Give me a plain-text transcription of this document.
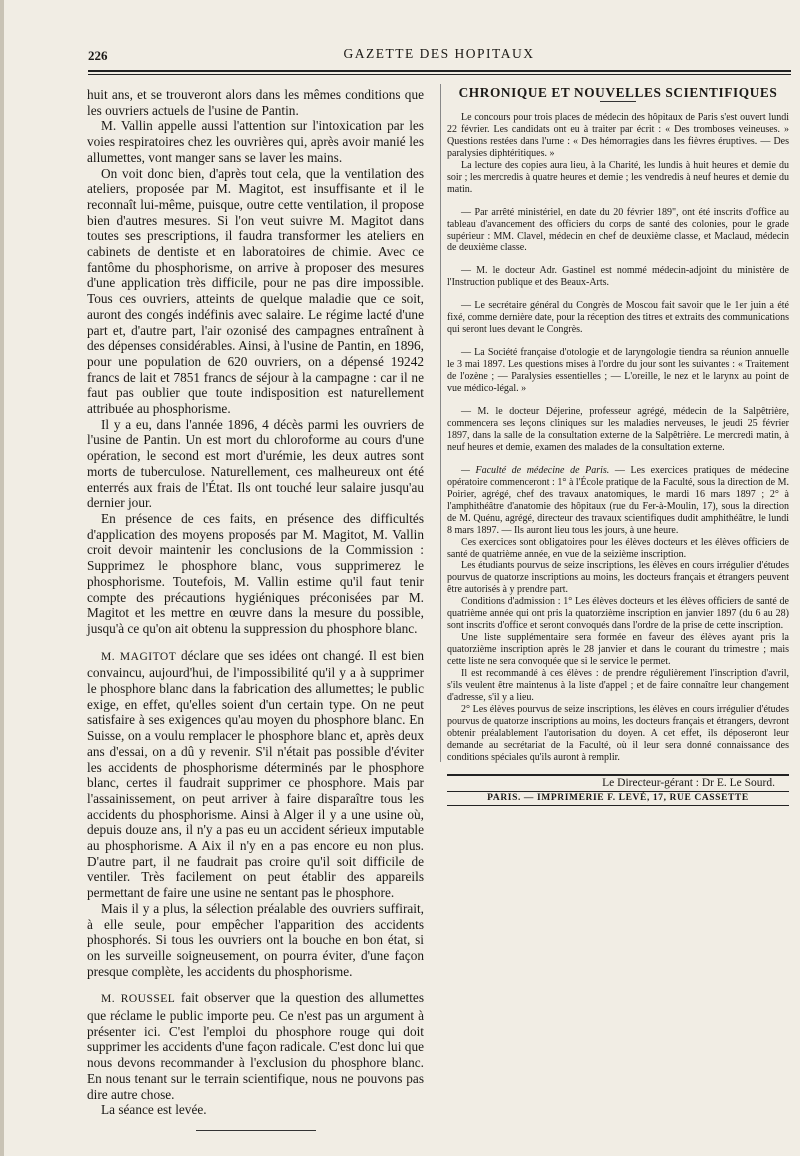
226	GAZETTE DES HOPITAUX

huit ans, et se trouveront alors dans les mêmes conditions que les ouvriers actuels de l'usine de Pantin.

M. Vallin appelle aussi l'attention sur l'intoxication par les voies respiratoires chez les ouvrières qui, après avoir manié les allumettes, vont manger sans se laver les mains.

On voit donc bien, d'après tout cela, que la ventilation des ateliers, proposée par M. Magitot, est insuffisante et il le reconnaît lui-même, puisque, outre cette ventilation, il propose bien d'autres mesures. Si l'on veut suivre M. Magitot dans toutes ses prescriptions, il faudra transformer les ateliers en cabinets de dentiste et en laboratoires de chimie. Avec ce fantôme du phosphorisme, on arrive à proposer des mesures d'une application très difficile, pour ne pas dire impossible. Tous ces ouvriers, atteints de quelque maladie que ce soit, auront des congés indéfinis avec salaire. Le régime lacté d'une part et, d'autre part, l'air ozonisé des campagnes entraînent à des dépenses considérables. Ainsi, à l'usine de Pantin, en 1896, pour une population de 620 ouvriers, on a dépensé 19242 francs de lait et 7851 francs de séjour à la campagne : car il ne faut pas oublier que toute indisposition est naturellement attribuée au phosphorisme.

Il y a eu, dans l'année 1896, 4 décès parmi les ouvriers de l'usine de Pantin. Un est mort du chloroforme au cours d'une opération, le second est mort d'urémie, les deux autres sont morts de tuberculose. Naturellement, ces malheureux ont été enterrés aux frais de l'État. Ils ont touché leur salaire jusqu'au dernier jour.

En présence de ces faits, en présence des difficultés d'application des moyens proposés par M. Magitot, M. Vallin croit devoir maintenir les conclusions de la Commission : Supprimez le phosphore blanc, vous supprimerez le phosphorisme. Toutefois, M. Vallin estime qu'il faut tenir compte des précautions hygiéniques préconisées par M. Magitot et les mettre en œuvre dans la mesure du possible, jusqu'à ce qu'on ait obtenu la suppression du phosphore blanc.

M. MAGITOT déclare que ses idées ont changé. Il est bien convaincu, aujourd'hui, de l'impossibilité qu'il y a à supprimer le phosphore blanc dans la fabrication des allumettes; le public exige, en effet, qu'elles soient d'un certain type. On ne peut satisfaire à ses exigences qu'au moyen du phosphore blanc. En Suisse, on a voulu remplacer le phosphore blanc et, après deux ans d'essai, on a dû y revenir. S'il n'était pas possible d'éviter les accidents de phosphorisme déterminés par le phosphore blanc, certes il faudrait supprimer ce phosphore. Mais par l'assainissement, on peut arriver à faire disparaître tous les accidents du phosphorisme. Ainsi à Alger il y a une usine où, depuis douze ans, il n'y a pas eu un accident sérieux imputable au phosphorisme. A Aix il n'y en a pas encore eu non plus. D'autre part, il ne faudrait pas croire qu'il soit difficile de ventiler. Très facilement on peut établir des appareils permettant de faire une usine ne sentant pas le phosphore.

Mais il y a plus, la sélection préalable des ouvriers suffirait, à elle seule, pour empêcher l'apparition des accidents phosphorés. Si tous les ouvriers ont la bouche en bon état, si on les surveille soigneusement, on pourra éviter, d'une façon presque complète, les accidents du phosphorisme.

M. ROUSSEL fait observer que la question des allumettes que réclame le public importe peu. Ce n'est pas un argument à présenter ici. C'est l'emploi du phosphore rouge qui doit supprimer les accidents d'une façon radicale. C'est donc lui que nous devons recommander à l'exclusion du phosphore blanc. En nous tenant sur le terrain scientifique, nous ne pouvons pas dire autre chose.

La séance est levée.

CHRONIQUE ET NOUVELLES SCIENTIFIQUES

Le concours pour trois places de médecin des hôpitaux de Paris s'est ouvert lundi 22 février. Les candidats ont eu à traiter par écrit : « Des tromboses veineuses. » Questions restées dans l'urne : « Des hémorragies dans les fièvres éruptives. — Des paralysies diphtéritiques. »

La lecture des copies aura lieu, à la Charité, les lundis à huit heures et demie du soir ; les mercredis à quatre heures et demie ; les vendredis à neuf heures et demie du matin.

— Par arrêté ministériel, en date du 20 février 189", ont été inscrits d'office au tableau d'avancement des officiers du corps de santé des colonies, pour le grade supérieur : MM. Clavel, médecin en chef de deuxième classe, et Maclaud, médecin de deuxième classe.

— M. le docteur Adr. Gastinel est nommé médecin-adjoint du ministère de l'Instruction publique et des Beaux-Arts.

— Le secrétaire général du Congrès de Moscou fait savoir que le 1er juin a été fixé, comme dernière date, pour la réception des titres et extraits des communications qui seront lues devant le Congrès.

— La Société française d'otologie et de laryngologie tiendra sa réunion annuelle le 3 mai 1897. Les questions mises à l'ordre du jour sont les suivantes : « Traitement de l'ozène ; — Paralysies essentielles ; — L'oreille, le nez et le larynx au point de vue médico-légal. »

— M. le docteur Déjerine, professeur agrégé, médecin de la Salpêtrière, commencera ses leçons cliniques sur les maladies nerveuses, le jeudi 25 février 1897, dans la salle de la consultation externe de la Salpêtrière. Le mercredi matin, à neuf heures et demie, examen des malades de la consultation externe.

— Faculté de médecine de Paris. — Les exercices pratiques de médecine opératoire commenceront : 1° à l'École pratique de la Faculté, sous la direction de M. Poirier, agrégé, chef des travaux anatomiques, le mardi 16 mars 1897 ; 2° à l'amphithéâtre d'anatomie des hôpitaux (rue du Fer-à-Moulin, 17), sous la direction de M. Quénu, agrégé, directeur des travaux scientifiques dudit amphithéâtre, le lundi 8 mars 1897. — Ils auront lieu tous les jours, à une heure.

Ces exercices sont obligatoires pour les élèves docteurs et les élèves officiers de santé de quatrième année, en vue de la seizième inscription.

Les étudiants pourvus de seize inscriptions, les élèves en cours irrégulier d'études pourvus de quatorze inscriptions au moins, les docteurs français et étrangers peuvent être autorisés à y prendre part.

Conditions d'admission : 1° Les élèves docteurs et les élèves officiers de santé de quatrième année qui ont pris la quatorzième inscription en janvier 1897 (du 6 au 28) sont inscrits d'office et seront convoqués dans l'ordre de la prise de cette inscription.

Une liste supplémentaire sera formée en faveur des élèves ayant pris la quatorzième inscription après le 28 janvier et dans le courant du trimestre ; mais cette liste ne sera convoquée que si le service le permet.

Il est recommandé à ces élèves : de prendre régulièrement l'inscription d'avril, s'ils veulent être maintenus à la liste d'appel ; et de faire connaître leur changement d'adresse, s'il y a lieu.

2° Les élèves pourvus de seize inscriptions, les élèves en cours irrégulier d'études pourvus de quatorze inscriptions au moins, les docteurs français et étrangers, devront obtenir préalablement l'autorisation du doyen. A cet effet, ils déposeront leur demande au secrétariat de la Faculté, où il leur sera donné connaissance des conditions spéciales qu'ils auront à remplir.

Le Directeur-gérant : Dr E. Le Sourd.
PARIS. — IMPRIMERIE F. LEVÉ, 17, RUE CASSETTE
